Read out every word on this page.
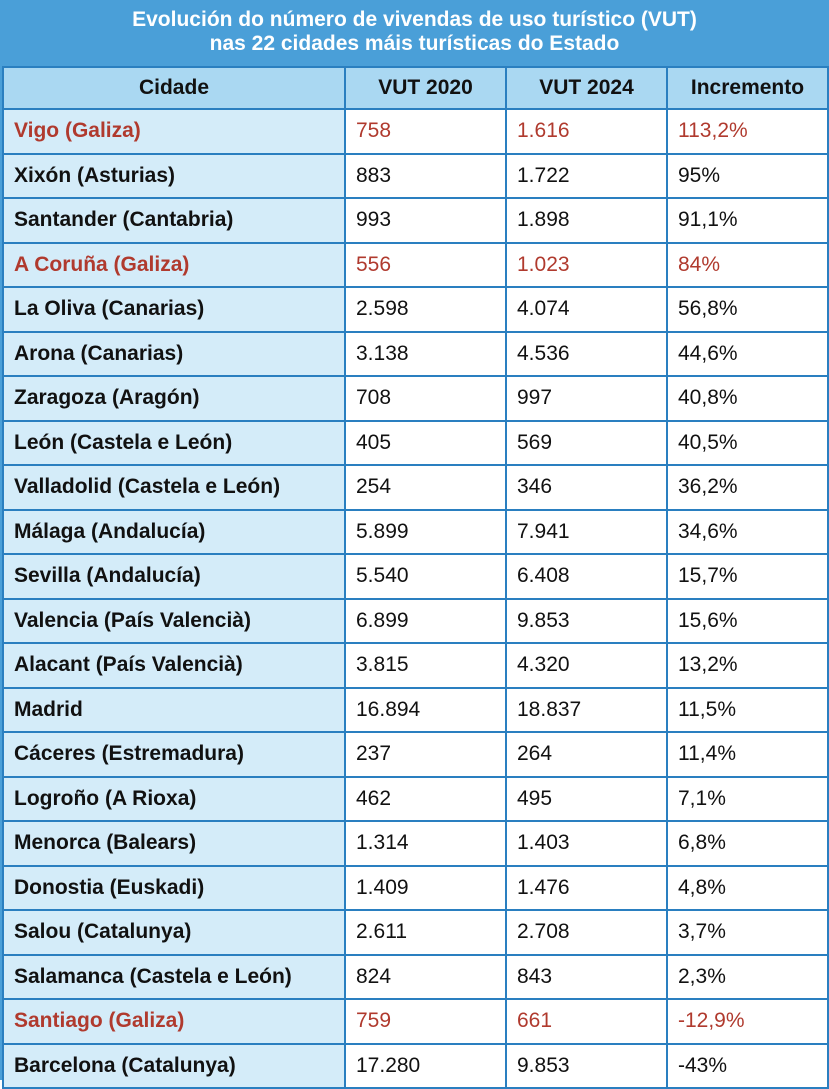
Evolución do número de vivendas de uso turístico (VUT)
nas 22 cidades máis turísticas do Estado
Cidade	VUT 2020	VUT 2024	Incremento
Vigo (Galiza)	758	1.616	113,2%
Xixón (Asturias)	883	1.722	95%
Santander (Cantabria)	993	1.898	91,1%
A Coruña (Galiza)	556	1.023	84%
La Oliva (Canarias)	2.598	4.074	56,8%
Arona (Canarias)	3.138	4.536	44,6%
Zaragoza (Aragón)	708	997	40,8%
León (Castela e León)	405	569	40,5%
Valladolid (Castela e León)	254	346	36,2%
Málaga (Andalucía)	5.899	7.941	34,6%
Sevilla (Andalucía)	5.540	6.408	15,7%
Valencia (País Valencià)	6.899	9.853	15,6%
Alacant (País Valencià)	3.815	4.320	13,2%
Madrid	16.894	18.837	11,5%
Cáceres (Estremadura)	237	264	11,4%
Logroño (A Rioxa)	462	495	7,1%
Menorca (Balears)	1.314	1.403	6,8%
Donostia (Euskadi)	1.409	1.476	4,8%
Salou (Catalunya)	2.611	2.708	3,7%
Salamanca (Castela e León)	824	843	2,3%
Santiago (Galiza)	759	661	-12,9%
Barcelona (Catalunya)	17.280	9.853	-43%
